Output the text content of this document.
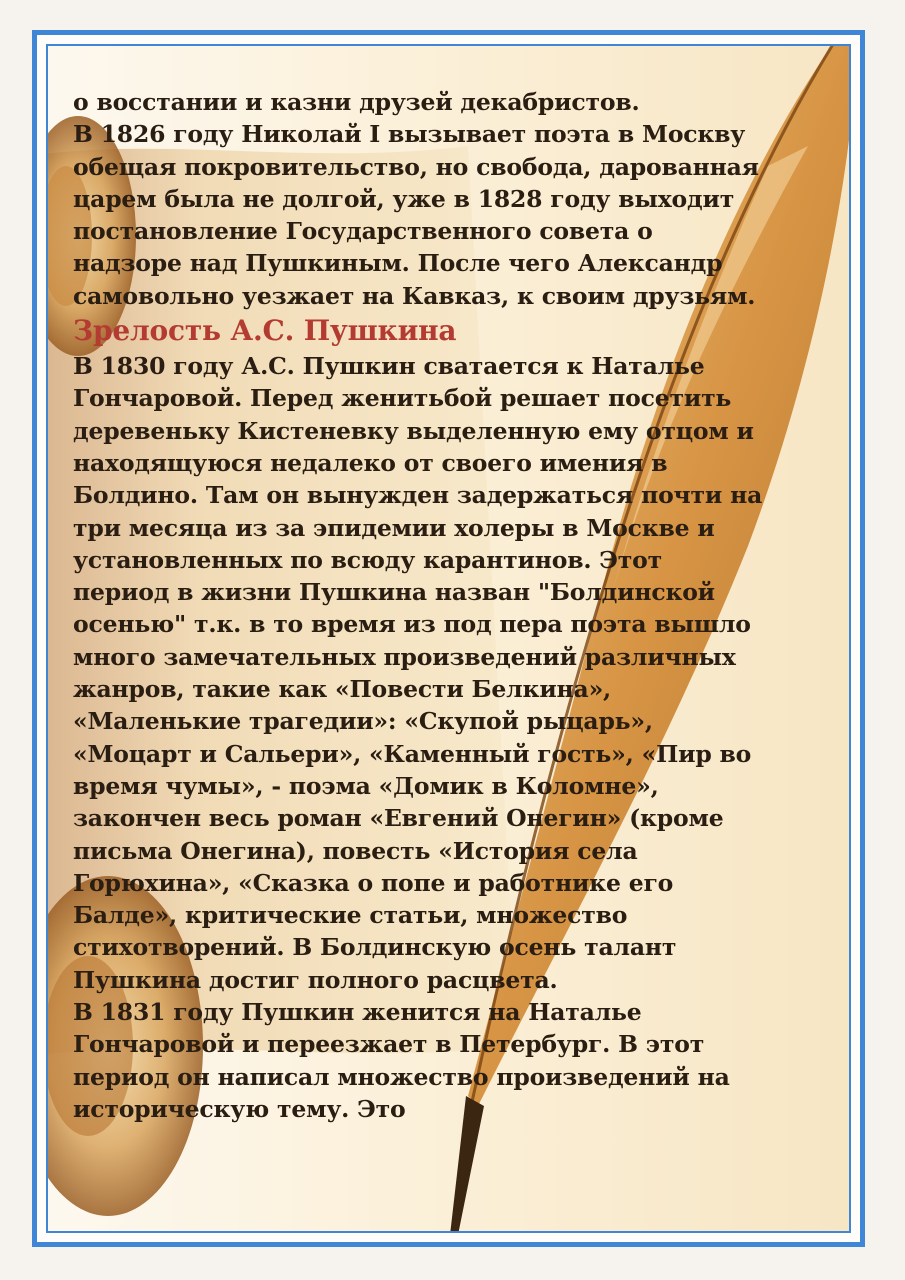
о восстании и казни друзей декабристов.

В 1826 году Николай I вызывает поэта в Москву обещая покровительство, но свобода, дарованная царем была не долгой, уже в 1828 году выходит постановление Государственного совета о надзоре над Пушкиным. После чего Александр самовольно уезжает на Кавказ, к своим друзьям.

Зрелость А.С. Пушкина

В 1830 году А.С. Пушкин сватается к Наталье Гончаровой. Перед женитьбой решает посетить деревеньку Кистеневку выделенную ему отцом и находящуюся недалеко от своего имения в Болдино. Там он вынужден задержаться почти на три месяца из за эпидемии холеры в Москве и установленных по всюду карантинов. Этот период в жизни Пушкина назван "Болдинской осенью" т.к. в то время из под пера поэта вышло много замечательных произведений различных жанров, такие как «Повести Белкина», «Маленькие трагедии»: «Скупой рыцарь», «Моцарт и Сальери», «Каменный гость», «Пир во время чумы», - поэма «Домик в Коломне», закончен весь роман «Евгений Онегин» (кроме письма Онегина), повесть «История села Горюхина», «Сказка о попе и работнике его Балде», критические статьи, множество стихотворений. В Болдинскую осень талант Пушкина достиг полного расцвета.

В 1831 году Пушкин женится на Наталье Гончаровой и переезжает в Петербург. В этот период он написал множество произведений на историческую тему. Это
